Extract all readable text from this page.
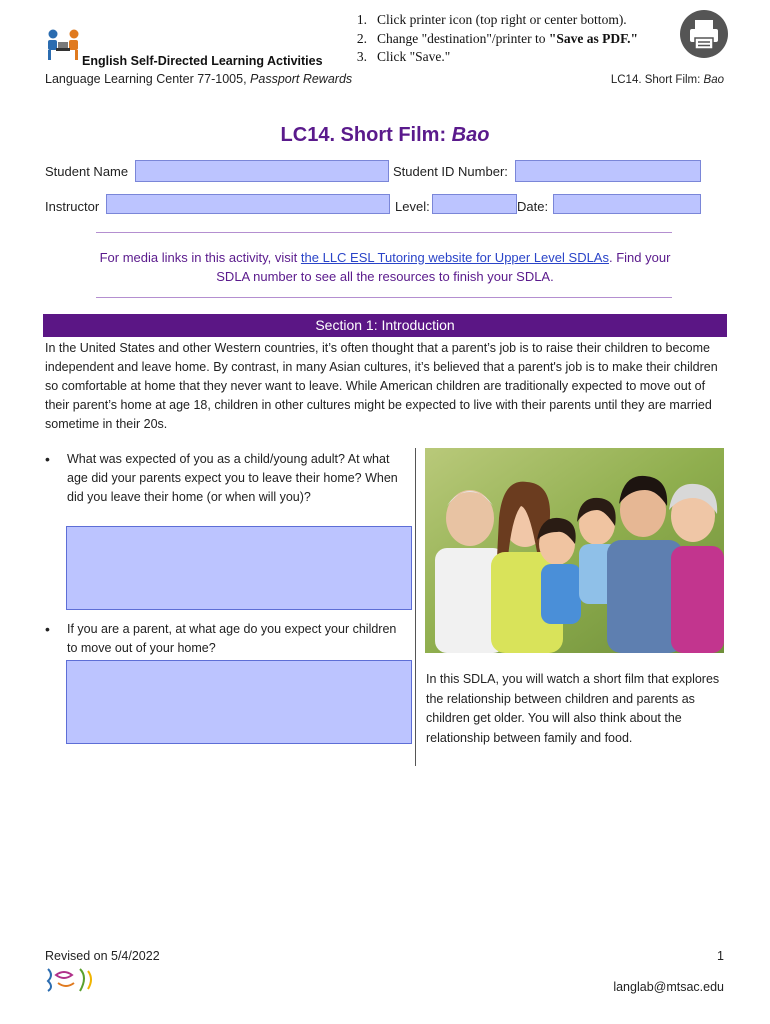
English Self-Directed Learning Activities
Language Learning Center 77-1005, Passport Rewards
1. Click printer icon (top right or center bottom).
2. Change "destination"/printer to "Save as PDF."
3. Click "Save."
LC14. Short Film: Bao
LC14. Short Film: Bao
Student Name	Student ID Number:
Instructor	Level:	Date:
For media links in this activity, visit the LLC ESL Tutoring website for Upper Level SDLAs. Find your SDLA number to see all the resources to finish your SDLA.
Section 1: Introduction

In the United States and other Western countries, it’s often thought that a parent’s job is to raise their children to become independent and leave home. By contrast, in many Asian cultures, it’s believed that a parent's job is to make their children so comfortable at home that they never want to leave. While American children are traditionally expected to move out of their parent’s home at age 18, children in other cultures might be expected to live with their parents until they are married sometime in their 20s.

•	What was expected of you as a child/young adult? At what age did your parents expect you to leave their home? When did you leave their home (or when will you)?
•	If you are a parent, at what age do you expect your children to move out of your home?

In this SDLA, you will watch a short film that explores the relationship between children and parents as children get older. You will also think about the relationship between family and food.

Revised on 5/4/2022	1
langlab@mtsac.edu
